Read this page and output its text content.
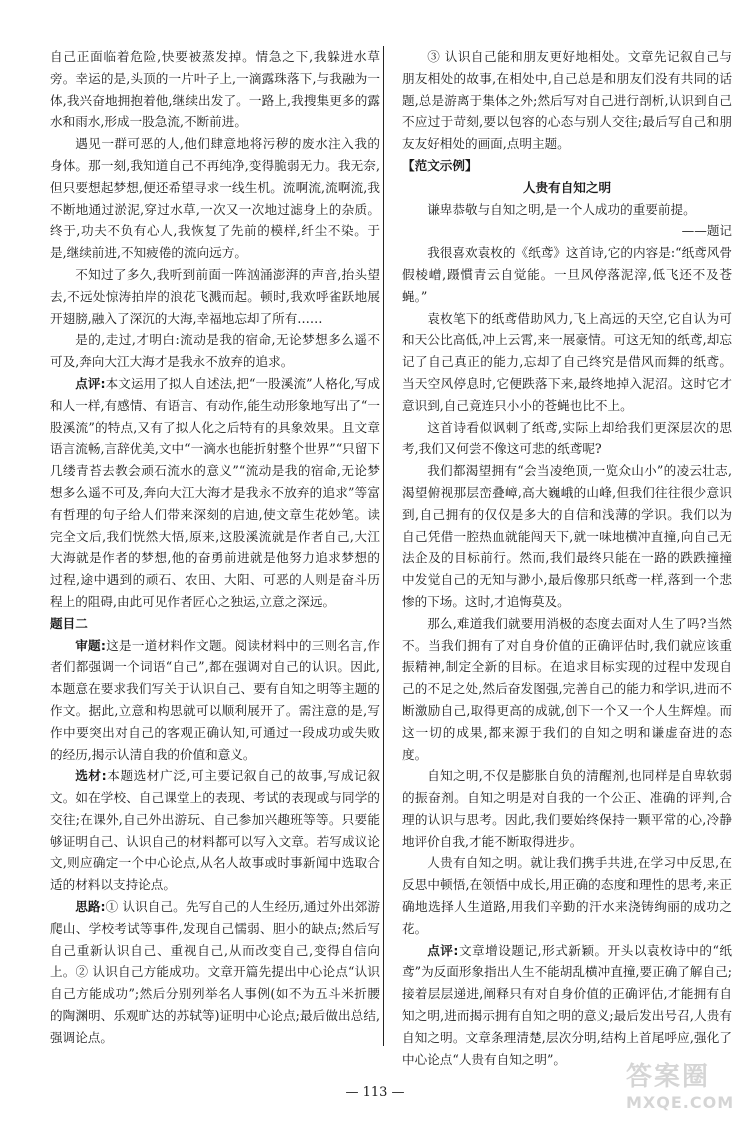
自己正面临着危险,快要被蒸发掉。情急之下,我躲进水草旁。幸运的是,头顶的一片叶子上,一滴露珠落下,与我融为一体,我兴奋地拥抱着他,继续出发了。一路上,我搜集更多的露水和雨水,形成一股急流,不断前进。

遇见一群可恶的人,他们肆意地将污秽的废水注入我的身体。那一刻,我知道自己不再纯净,变得脆弱无力。我无奈,但只要想起梦想,便还希望寻求一线生机。流啊流,流啊流,我不断地通过淤泥,穿过水草,一次又一次地过滤身上的杂质。终于,功夫不负有心人,我恢复了先前的模样,纤尘不染。于是,继续前进,不知疲倦的流向远方。

不知过了多久,我听到前面一阵汹涌澎湃的声音,抬头望去,不远处惊涛拍岸的浪花飞溅而起。顿时,我欢呼雀跃地展开翅膀,融入了深沉的大海,幸福地忘却了所有……

是的,走过,才明白:流动是我的宿命,无论梦想多么遥不可及,奔向大江大海才是我永不放弃的追求。

点评:本文运用了拟人自述法,把“一股溪流”人格化,写成和人一样,有感情、有语言、有动作,能生动形象地写出了“一股溪流”的特点,又有了拟人化之后特有的具象效果。且文章语言流畅,言辞优美,文中“一滴水也能折射整个世界”“只留下几缕青苔去教会顽石流水的意义”“流动是我的宿命,无论梦想多么遥不可及,奔向大江大海才是我永不放弃的追求”等富有哲理的句子给人们带来深刻的启迪,使文章生花妙笔。读完全文后,我们恍然大悟,原来,这股溪流就是作者自己,大江大海就是作者的梦想,他的奋勇前进就是他努力追求梦想的过程,途中遇到的顽石、农田、大阳、可恶的人则是奋斗历程上的阻碍,由此可见作者匠心之独运,立意之深远。

题目二

审题:这是一道材料作文题。阅读材料中的三则名言,作者们都强调一个词语“自己”,都在强调对自己的认识。因此,本题意在要求我们写关于认识自己、要有自知之明等主题的作文。据此,立意和构思就可以顺利展开了。需注意的是,写作中要突出对自己的客观正确认知,可通过一段成功或失败的经历,揭示认清自我的价值和意义。

选材:本题选材广泛,可主要记叙自己的故事,写成记叙文。如在学校、自己课堂上的表现、考试的表现或与同学的交往;在课外,自己外出游玩、自己参加兴趣班等等。只要能够证明自己、认识自己的材料都可以写入文章。若写成议论文,则应确定一个中心论点,从名人故事或时事新闻中选取合适的材料以支持论点。

思路:① 认识自己。先写自己的人生经历,通过外出郊游爬山、学校考试等事件,发现自己懦弱、胆小的缺点;然后写自己重新认识自己、重视自己,从而改变自己,变得自信向上。② 认识自己方能成功。文章开篇先提出中心论点“认识自己方能成功”;然后分别列举名人事例(如不为五斗米折腰的陶渊明、乐观旷达的苏轼等)证明中心论点;最后做出总结,强调论点。

③ 认识自己能和朋友更好地相处。文章先记叙自己与朋友相处的故事,在相处中,自己总是和朋友们没有共同的话题,总是游离于集体之外;然后写对自己进行剖析,认识到自己不应过于苛刻,要以包容的心态与别人交往;最后写自己和朋友友好相处的画面,点明主题。

【范文示例】

人贵有自知之明

谦卑恭敬与自知之明,是一个人成功的重要前提。

——题记

我很喜欢袁枚的《纸鸢》这首诗,它的内容是:“纸鸢风骨假棱嶒,蹑慣青云自觉能。一旦风停落泥滓,低飞还不及苍蝇。”

袁枚笔下的纸鸢借助风力,飞上高远的天空,它自认为可和天公比高低,冲上云霄,来一展豪情。可这无知的纸鸢,却忘记了自己真正的能力,忘却了自己终究是借风而舞的纸鸢。当天空风停息时,它便跌落下来,最终地掉入泥沼。这时它才意识到,自己竟连只小小的苍蝇也比不上。

这首诗看似讽刺了纸鸢,实际上却给我们更深层次的思考,我们又何尝不像这可悲的纸鸢呢?

我们都渴望拥有“会当凌绝顶,一览众山小”的凌云壮志,渴望俯视那层峦叠嶂,高大巍峨的山峰,但我们往往很少意识到,自己拥有的仅仅是多大的自信和浅薄的学识。我们以为自己凭借一腔热血就能闯天下,就一味地横冲直撞,向自己无法企及的目标前行。然而,我们最终只能在一路的跌跌撞撞中发觉自己的无知与渺小,最后像那只纸鸢一样,落到一个悲惨的下场。这时,才追悔莫及。

那么,难道我们就要用消极的态度去面对人生了吗?当然不。当我们拥有了对自身价值的正确评估时,我们就应该重振精神,制定全新的目标。在追求目标实现的过程中发现自己的不足之处,然后奋发图强,完善自己的能力和学识,进而不断激励自己,取得更高的成就,创下一个又一个人生辉煌。而这一切的成果,都来源于我们的自知之明和谦虚奋进的态度。

自知之明,不仅是膨胀自负的清醒剂,也同样是自卑软弱的振奋剂。自知之明是对自我的一个公正、准确的评判,合理的认识与思考。因此,我们要始终保持一颗平常的心,冷静地评价自我,才能不断取得进步。

人贵有自知之明。就让我们携手共进,在学习中反思,在反思中顿悟,在领悟中成长,用正确的态度和理性的思考,来正确地选择人生道路,用我们辛勤的汗水来浇铸绚丽的成功之花。

点评:文章增设题记,形式新颖。开头以袁枚诗中的“纸鸢”为反面形象指出人生不能胡乱横冲直撞,要正确了解自己;接着层层递进,阐释只有对自身价值的正确评估,才能拥有自知之明,进而揭示拥有自知之明的意义;最后发出号召,人贵有自知之明。文章条理清楚,层次分明,结构上首尾呼应,强化了中心论点“人贵有自知之明”。

— 113 —
答案圈
MXQE.COM
